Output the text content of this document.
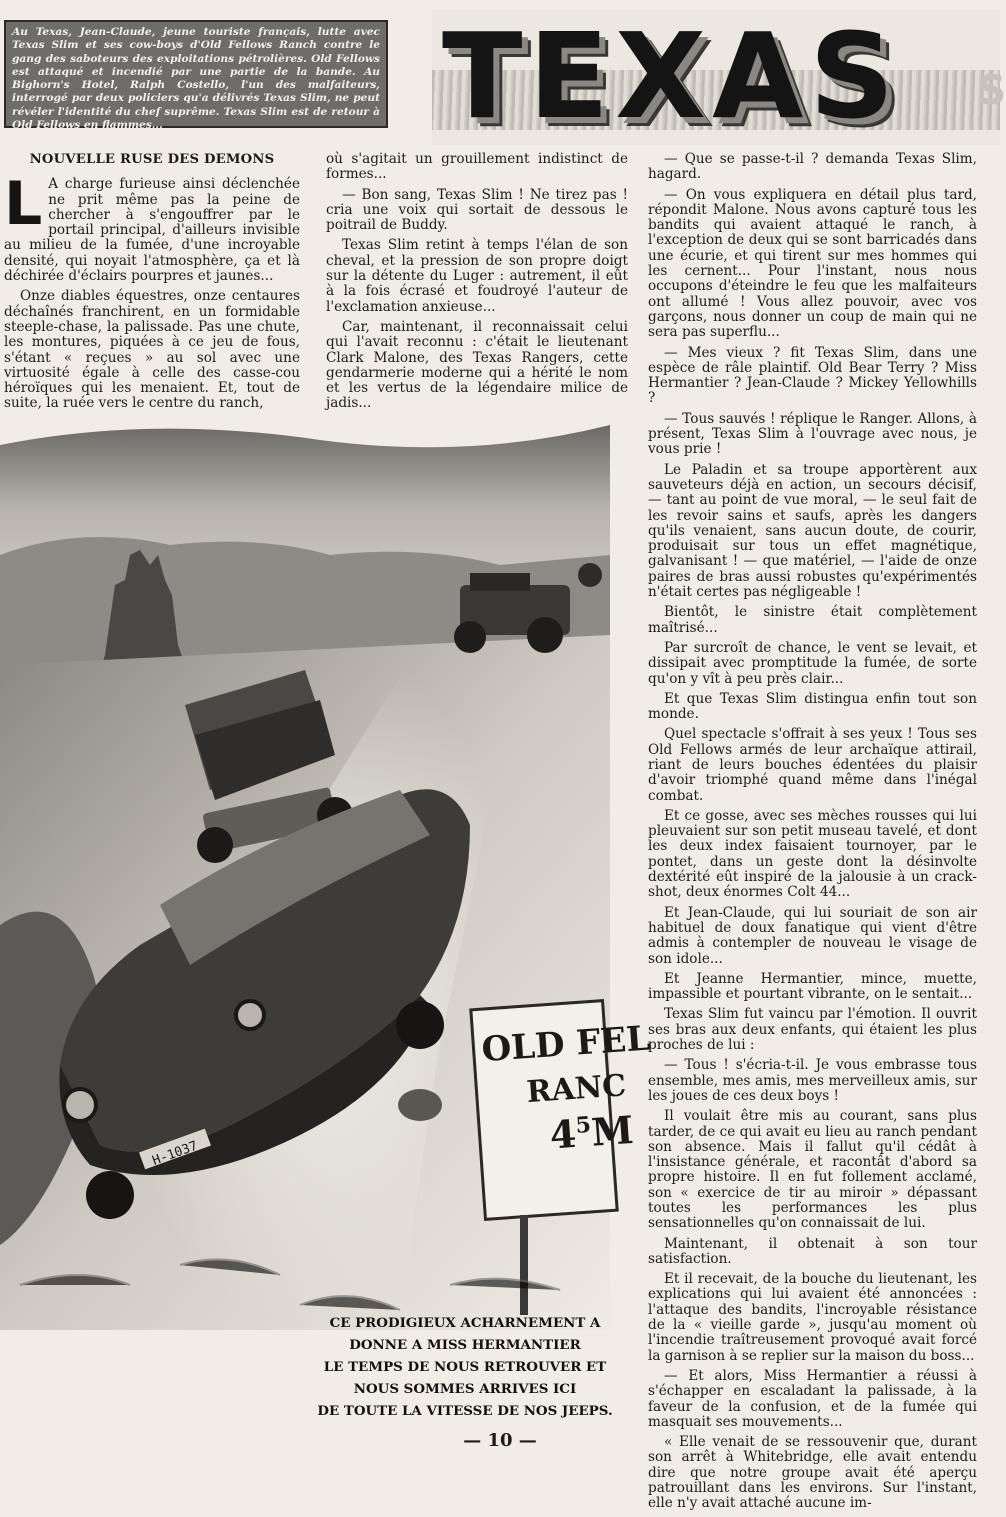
Au Texas, Jean-Claude, jeune touriste français, lutte avec Texas Slim et ses cow-boys d'Old Fellows Ranch contre le gang des saboteurs des exploitations pétrolières. Old Fellows est attaqué et incendié par une partie de la bande. Au Bighorn's Hotel, Ralph Costello, l'un des malfaiteurs, interrogé par deux policiers qu'a délivrés Texas Slim, ne peut révéler l'identité du chef suprême. Texas Slim est de retour à Old Fellows en flammes...	TEXAS S
NOUVELLE RUSE DES DEMONS

L A charge furieuse ainsi déclenchée ne prit même pas la peine de chercher à s'engouffrer par le portail principal, d'ailleurs invisible au milieu de la fumée, d'une incroyable densité, qui noyait l'atmosphère, ça et là déchirée d'éclairs pourpres et jaunes...

Onze diables équestres, onze centaures déchaînés franchirent, en un formidable steeple-chase, la palissade. Pas une chute, les montures, piquées à ce jeu de fous, s'étant « reçues » au sol avec une virtuosité égale à celle des casse-cou héroïques qui les menaient. Et, tout de suite, la ruée vers le centre du ranch,

où s'agitait un grouillement indistinct de formes...

— Bon sang, Texas Slim ! Ne tirez pas ! cria une voix qui sortait de dessous le poitrail de Buddy.

Texas Slim retint à temps l'élan de son cheval, et la pression de son propre doigt sur la détente du Luger : autrement, il eût à la fois écrasé et foudroyé l'auteur de l'exclamation anxieuse...

Car, maintenant, il reconnaissait celui qui l'avait reconnu : c'était le lieutenant Clark Malone, des Texas Rangers, cette gendarmerie moderne qui a hérité le nom et les vertus de la légendaire milice de jadis...

— Que se passe-t-il ? demanda Texas Slim, hagard.

— On vous expliquera en détail plus tard, répondit Malone. Nous avons capturé tous les bandits qui avaient attaqué le ranch, à l'exception de deux qui se sont barricadés dans une écurie, et qui tirent sur mes hommes qui les cernent... Pour l'instant, nous nous occupons d'éteindre le feu que les malfaiteurs ont allumé ! Vous allez pouvoir, avec vos garçons, nous donner un coup de main qui ne sera pas superflu...

— Mes vieux ? fit Texas Slim, dans une espèce de râle plaintif. Old Bear Terry ? Miss Hermantier ? Jean-Claude ? Mickey Yellowhills ?

— Tous sauvés ! réplique le Ranger. Allons, à présent, Texas Slim à l'ouvrage avec nous, je vous prie !

Le Paladin et sa troupe apportèrent aux sauveteurs déjà en action, un secours décisif, — tant au point de vue moral, — le seul fait de les revoir sains et saufs, après les dangers qu'ils venaient, sans aucun doute, de courir, produisait sur tous un effet magnétique, galvanisant ! — que matériel, — l'aide de onze paires de bras aussi robustes qu'expérimentés n'était certes pas négligeable !

Bientôt, le sinistre était complètement maîtrisé...

Par surcroît de chance, le vent se levait, et dissipait avec promptitude la fumée, de sorte qu'on y vît à peu près clair...

Et que Texas Slim distingua enfin tout son monde.

Quel spectacle s'offrait à ses yeux ! Tous ses Old Fellows armés de leur archaïque attirail, riant de leurs bouches édentées du plaisir d'avoir triomphé quand même dans l'inégal combat.

Et ce gosse, avec ses mèches rousses qui lui pleuvaient sur son petit museau tavelé, et dont les deux index faisaient tournoyer, par le pontet, dans un geste dont la désinvolte dextérité eût inspiré de la jalousie à un crack-shot, deux énormes Colt 44...

Et Jean-Claude, qui lui souriait de son air habituel de doux fanatique qui vient d'être admis à contempler de nouveau le visage de son idole...

Et Jeanne Hermantier, mince, muette, impassible et pourtant vibrante, on le sentait...

Texas Slim fut vaincu par l'émotion. Il ouvrit ses bras aux deux enfants, qui étaient les plus proches de lui :

— Tous ! s'écria-t-il. Je vous embrasse tous ensemble, mes amis, mes merveilleux amis, sur les joues de ces deux boys !

Il voulait être mis au courant, sans plus tarder, de ce qui avait eu lieu au ranch pendant son absence. Mais il fallut qu'il cédât à l'insistance générale, et racontât d'abord sa propre histoire. Il en fut follement acclamé, son « exercice de tir au miroir » dépassant toutes les performances les plus sensationnelles qu'on connaissait de lui.

Maintenant, il obtenait à son tour satisfaction.

Et il recevait, de la bouche du lieutenant, les explications qui lui avaient été annoncées : l'attaque des bandits, l'incroyable résistance de la « vieille garde », jusqu'au moment où l'incendie traîtreusement provoqué avait forcé la garnison à se replier sur la maison du boss...

— Et alors, Miss Hermantier a réussi à s'échapper en escaladant la palissade, à la faveur de la confusion, et de la fumée qui masquait ses mouvements...

« Elle venait de se ressouvenir que, durant son arrêt à Whitebridge, elle avait entendu dire que notre groupe avait été aperçu patrouillant dans les environs. Sur l'instant, elle n'y avait attaché aucune im-

H-1037
OLD FEL
RANC
$4^5M$
CE PRODIGIEUX ACHARNEMENT A
DONNE A MISS HERMANTIER
LE TEMPS DE NOUS RETROUVER ET
NOUS SOMMES ARRIVES ICI
DE TOUTE LA VITESSE DE NOS JEEPS.
— 10 —
